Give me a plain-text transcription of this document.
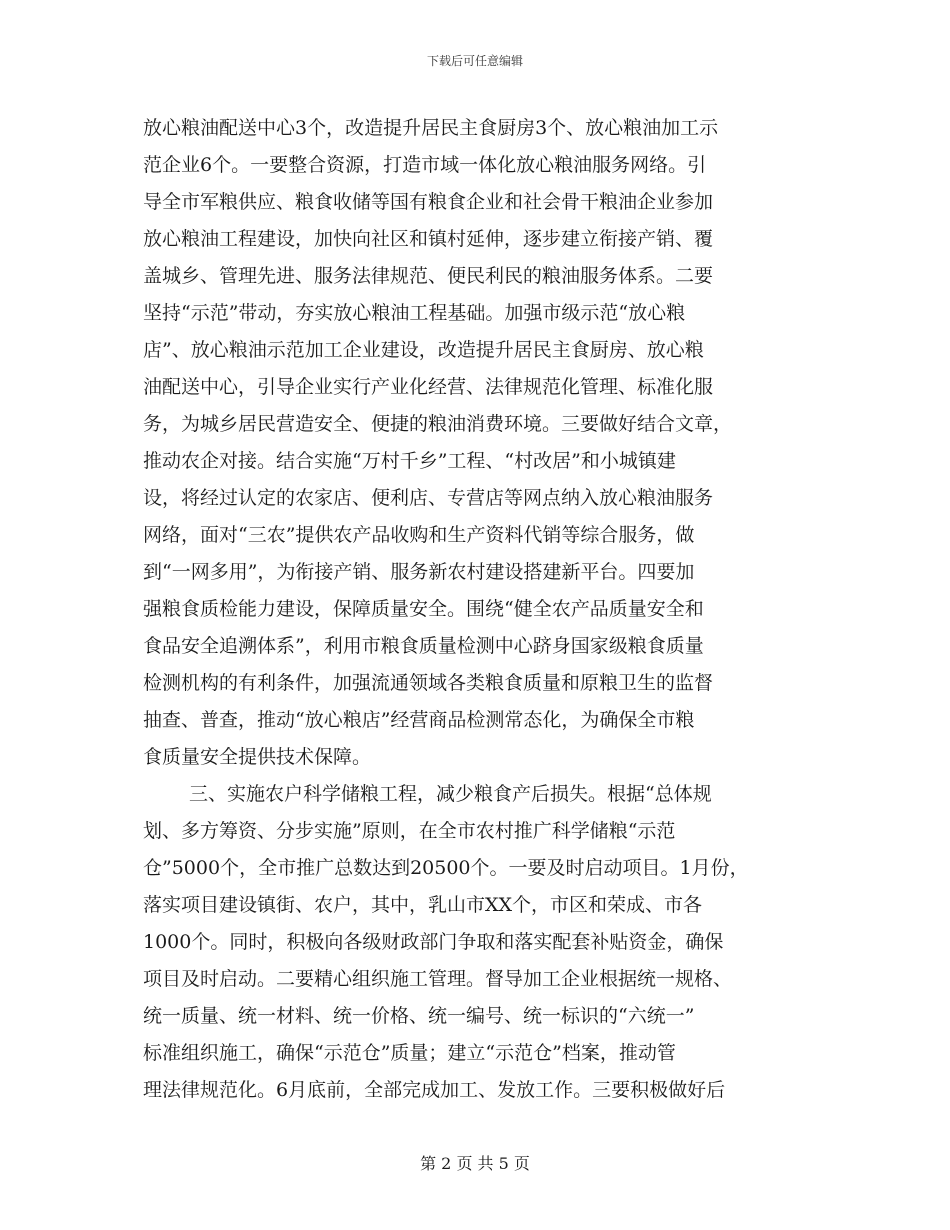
下载后可任意编辑
放心粮油配送中心3个，改造提升居民主食厨房3个、放心粮油加工示
范企业6个。一要整合资源，打造市域一体化放心粮油服务网络。引
导全市军粮供应、粮食收储等国有粮食企业和社会骨干粮油企业参加
放心粮油工程建设，加快向社区和镇村延伸，逐步建立衔接产销、覆
盖城乡、管理先进、服务法律规范、便民利民的粮油服务体系。二要
坚持“示范”带动，夯实放心粮油工程基础。加强市级示范“放心粮
店”、放心粮油示范加工企业建设，改造提升居民主食厨房、放心粮
油配送中心，引导企业实行产业化经营、法律规范化管理、标准化服
务，为城乡居民营造安全、便捷的粮油消费环境。三要做好结合文章，
推动农企对接。结合实施“万村千乡”工程、“村改居”和小城镇建
设，将经过认定的农家店、便利店、专营店等网点纳入放心粮油服务
网络，面对“三农”提供农产品收购和生产资料代销等综合服务，做
到“一网多用”，为衔接产销、服务新农村建设搭建新平台。四要加
强粮食质检能力建设，保障质量安全。围绕“健全农产品质量安全和
食品安全追溯体系”，利用市粮食质量检测中心跻身国家级粮食质量
检测机构的有利条件，加强流通领域各类粮食质量和原粮卫生的监督
抽查、普查，推动“放心粮店”经营商品检测常态化，为确保全市粮
食质量安全提供技术保障。
三、实施农户科学储粮工程，减少粮食产后损失。根据“总体规
划、多方筹资、分步实施”原则，在全市农村推广科学储粮“示范
仓”5000个，全市推广总数达到20500个。一要及时启动项目。1月份，
落实项目建设镇街、农户，其中，乳山市XX个，市区和荣成、市各
1000个。同时，积极向各级财政部门争取和落实配套补贴资金，确保
项目及时启动。二要精心组织施工管理。督导加工企业根据统一规格、
统一质量、统一材料、统一价格、统一编号、统一标识的“六统一”
标准组织施工，确保“示范仓”质量；建立“示范仓”档案，推动管
理法律规范化。6月底前，全部完成加工、发放工作。三要积极做好后
第 2 页 共 5 页
